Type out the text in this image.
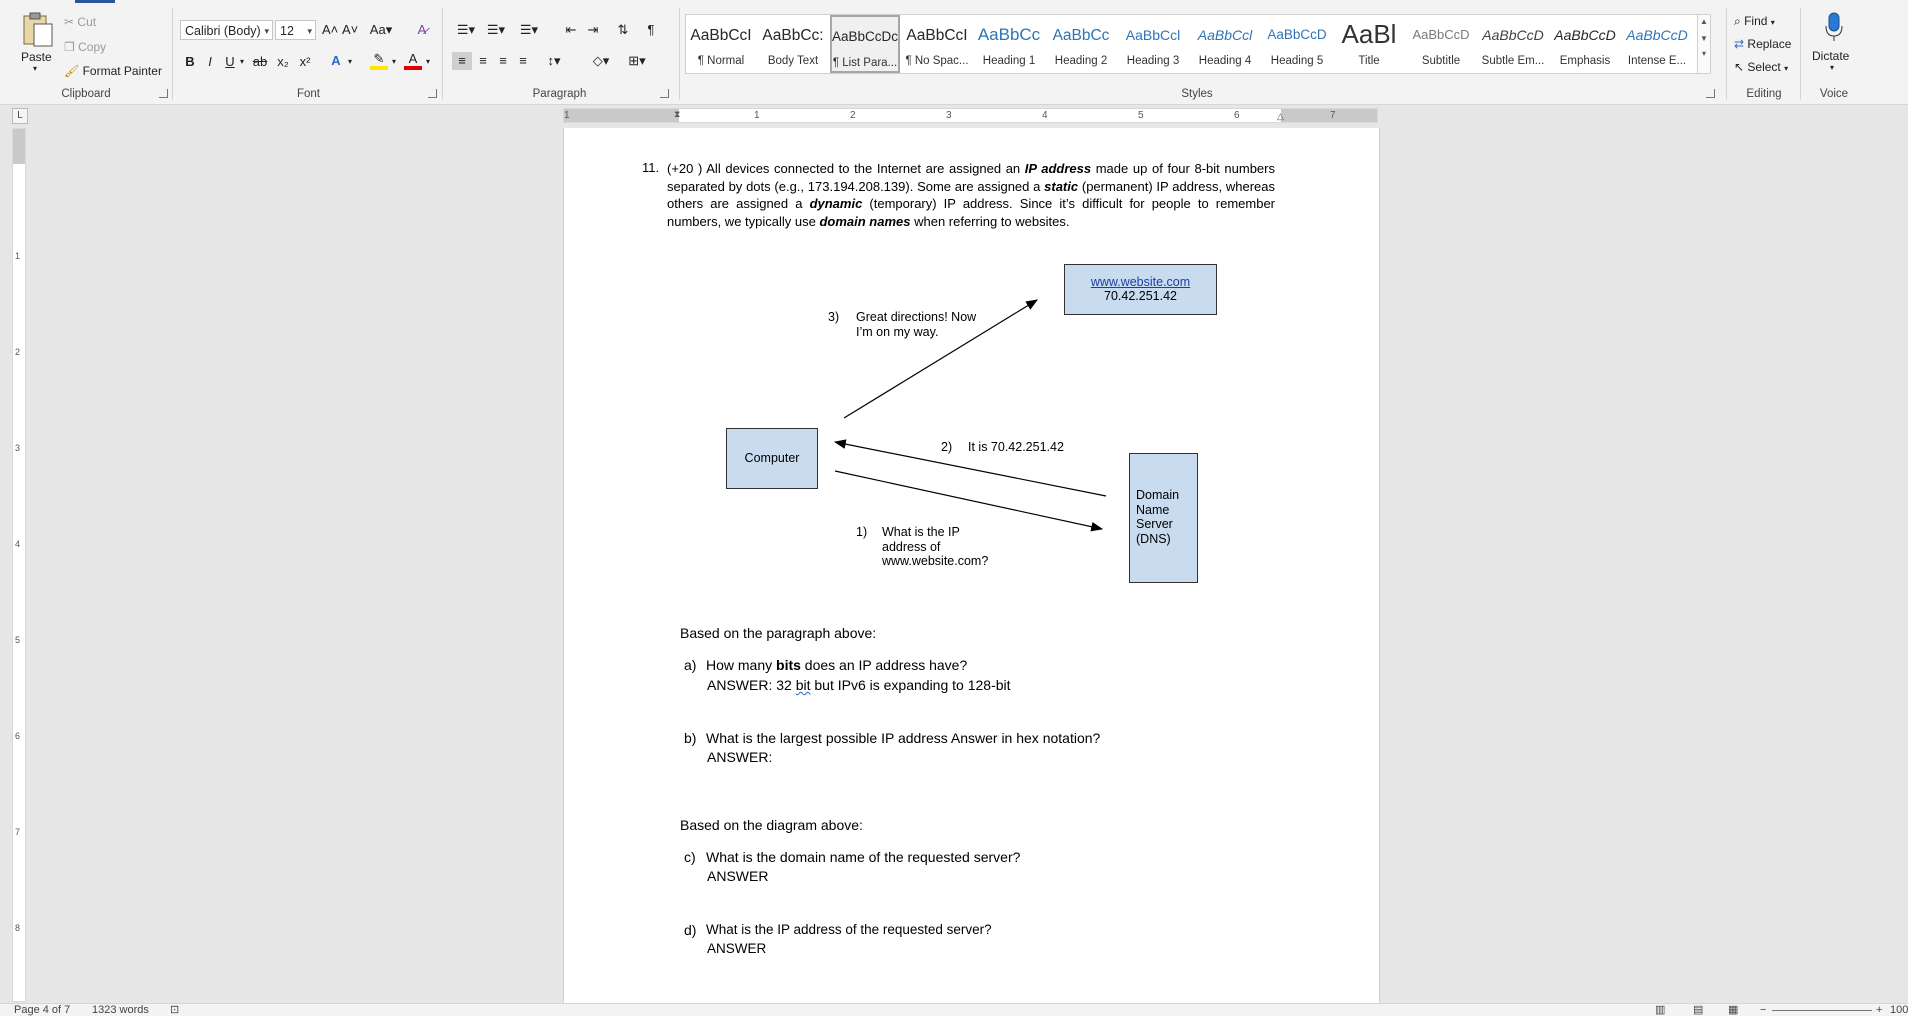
Paste
▾
✂ Cut
❐ Copy
🖌 Format Painter
Clipboard
Calibri (Body) ▾ 12 ▾ A˄ A˅ Aa▾	A̷
B	I	U ▾ ab x₂ x²	A ▾ ✎ ▾ A	▾
Font
☰▾ ☰▾	☰▾	⇤ ⇥ ⇅	¶
≡	≡ ≡ ≡	↕▾	◇▾	⊞▾
Paragraph
AaBbCcI
¶ Normal
AaBbCc:
Body Text
AaBbCcDc
¶ List Para...
AaBbCcI
¶ No Spac...
AaBbCc
Heading 1
AaBbCc
Heading 2
AaBbCcl
Heading 3
AaBbCcl
Heading 4
AaBbCcD
Heading 5
AaBl
Title
AaBbCcD
Subtitle
AaBbCcD
Subtle Em...
AaBbCcD
Emphasis
AaBbCcD
Intense E...
▲
▼
▾
Styles
⌕ Find ▾
⇄ Replace
↖ Select ▾
Editing
Dictate
▾
Voice
L	1	1	2	3	4	5	6	7
⧗	△
1
2
3
4
5
6
7
8
11. (+20 ) All devices connected to the Internet are assigned an IP address made up of four 8-bit numbers separated by dots (e.g., 173.194.208.139). Some are assigned a static (permanent) IP address, whereas others are assigned a dynamic (temporary) IP address. Since it’s difficult for people to remember numbers, we typically use domain names when referring to websites.
www.website.com
70.42.251.42
Computer
Domain
Name
Server
(DNS)
3) Great directions! Now
I’m on my way.
2) It is 70.42.251.42
1) What is the IP
address of
www.website.com?
Based on the paragraph above:
a) How many bits does an IP address have?
ANSWER: 32 bit but IPv6 is expanding to 128-bit
b) What is the largest possible IP address Answer in hex notation?
ANSWER:
Based on the diagram above:
c) What is the domain name of the requested server?
ANSWER
d) What is the IP address of the requested server?
ANSWER
Page 4 of 7 1323 words ⊡	▥	▤ ▦ −	+ 100
